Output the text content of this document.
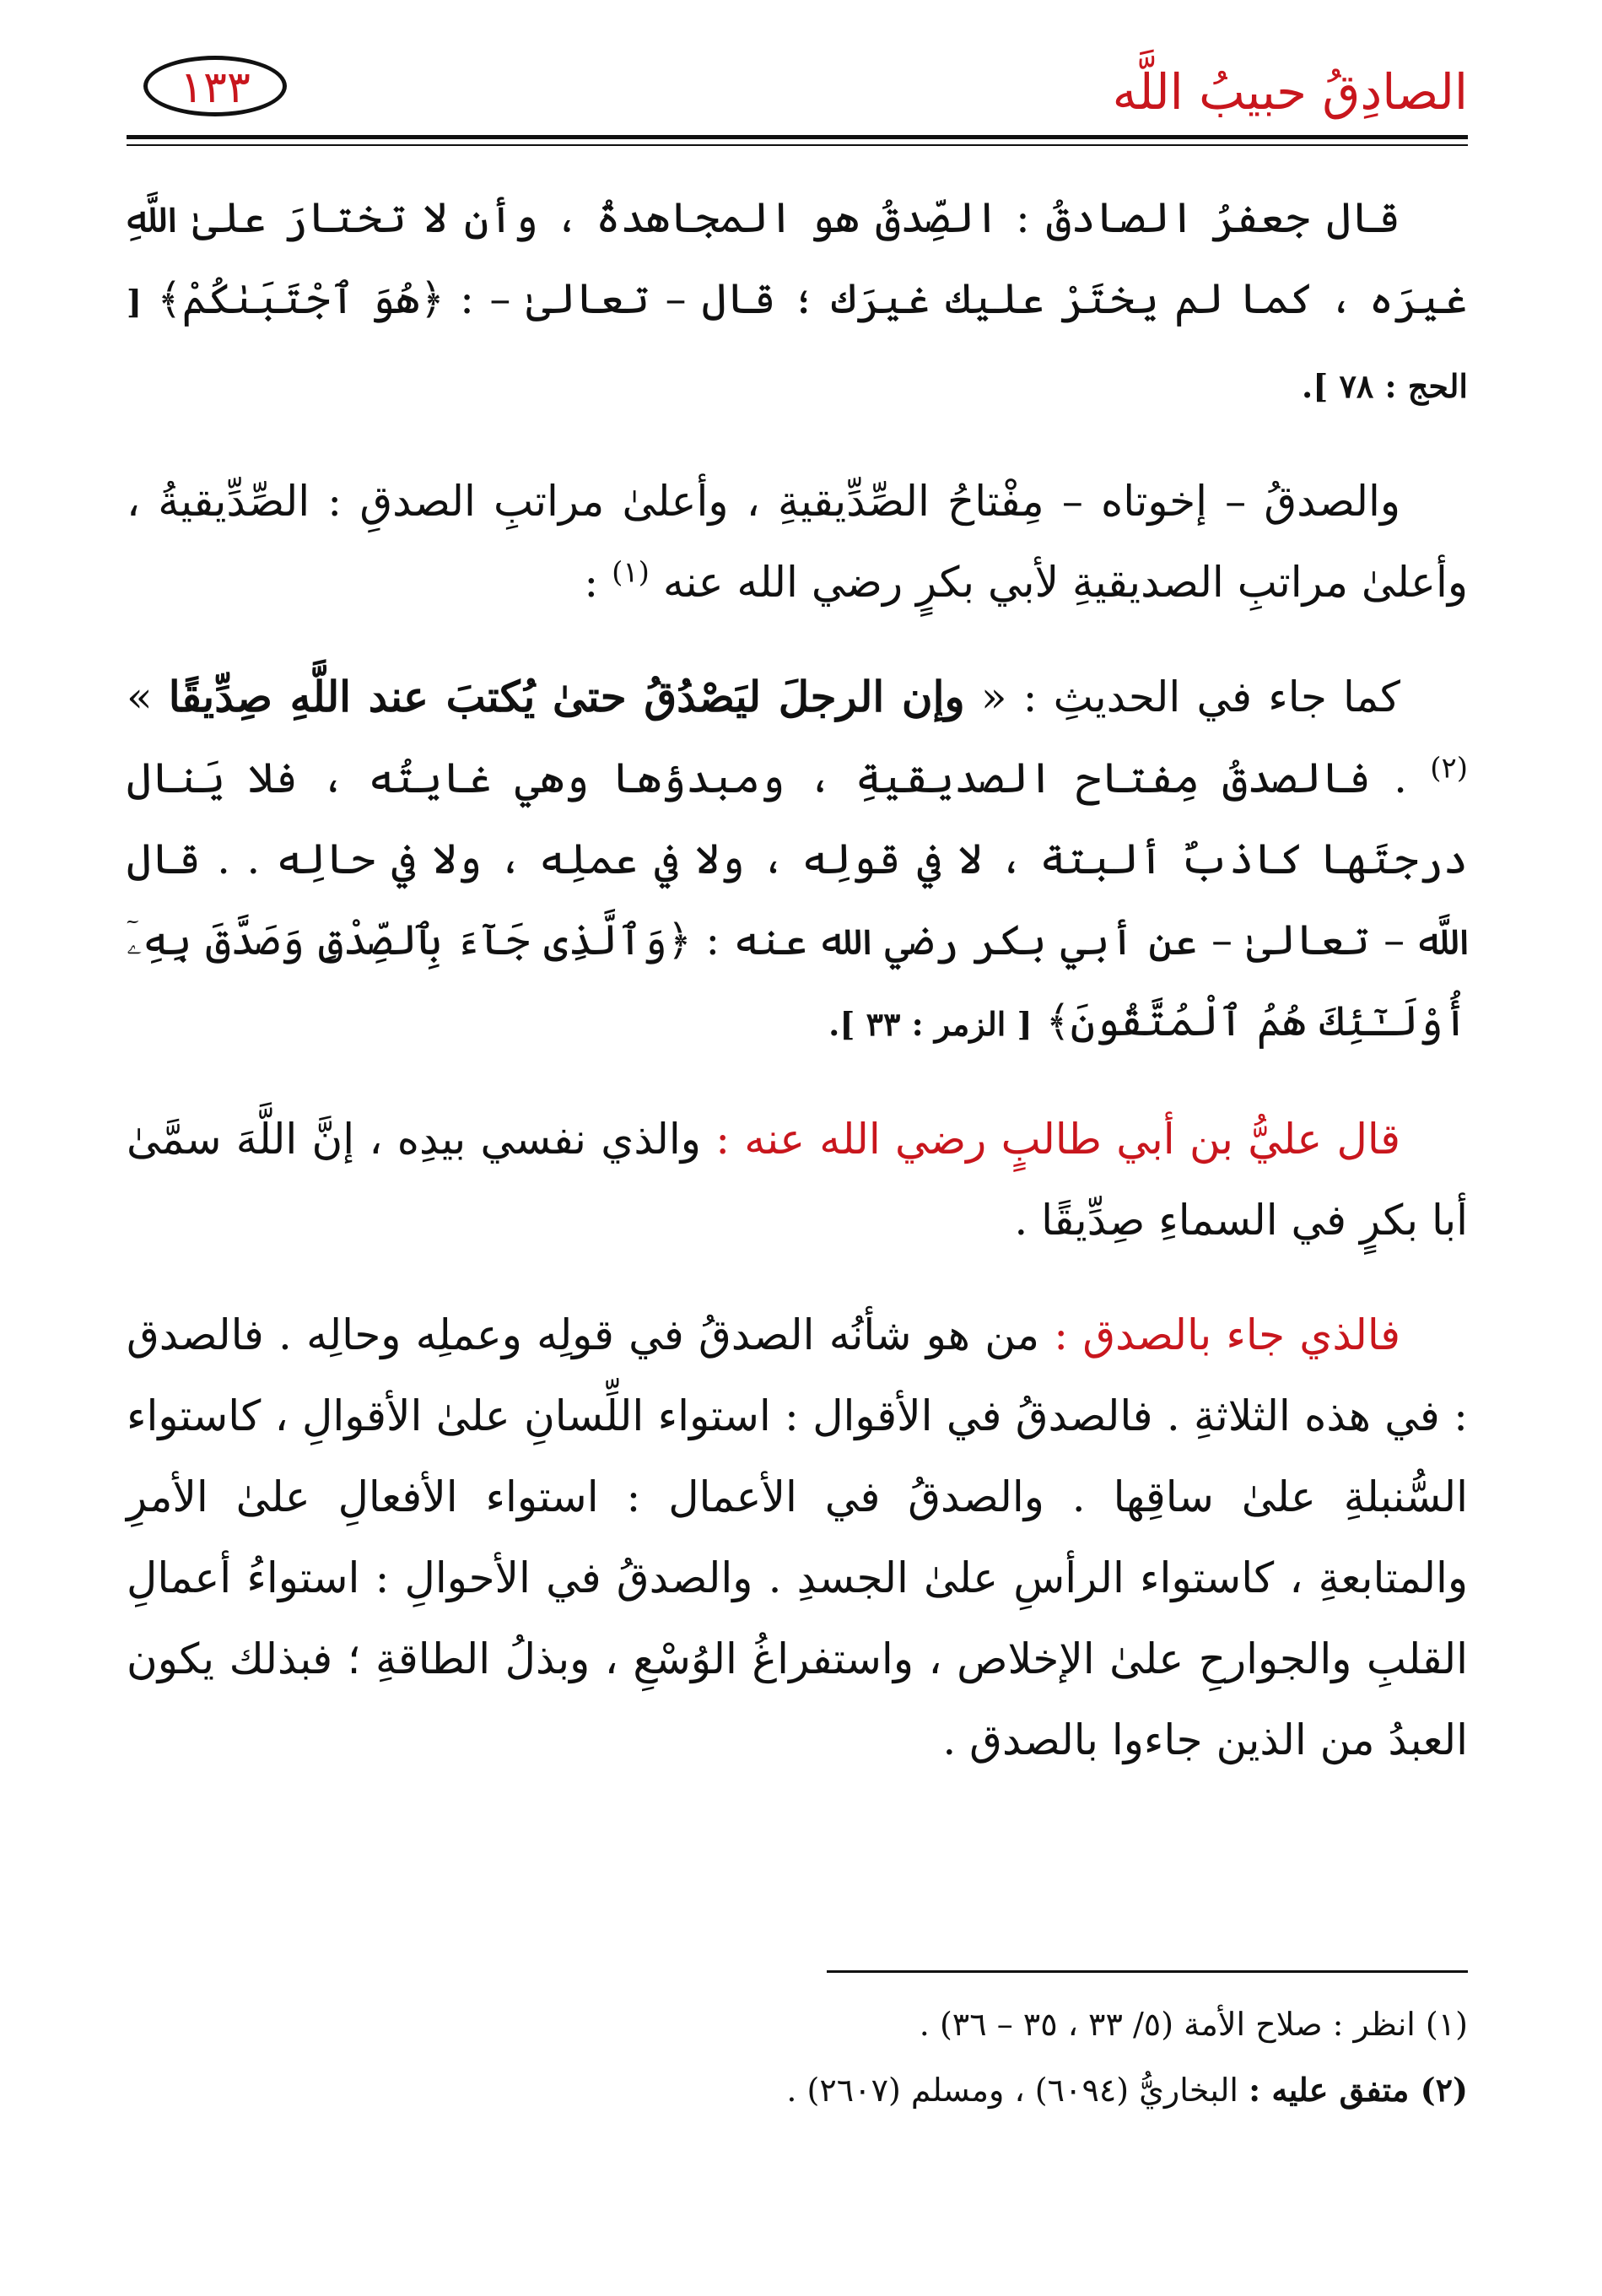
الصادِقُ حبيبُ اللَّه
١٣٣

قال جعفرُ الصادقُ : الصِّدقُ هو المجاهدةُ ، وأن لا تختارَ علىٰ اللَّهِ غيرَه ، كما لم يختَرْ عليك غيرَك ؛ قال – تعالىٰ – : ﴿هُوَ ٱجْتَبَىٰكُمْ﴾ [ الحج : ٧٨ ].

والصدقُ – إخوتاه – مِفْتاحُ الصِّدِّيقيةِ ، وأعلىٰ مراتبِ الصدقِ : الصِّدِّيقيةُ ، وأعلىٰ مراتبِ الصديقيةِ لأبي بكرٍ رضي الله عنه $^{(١)}$ :

كما جاء في الحديثِ : « وإن الرجلَ ليَصْدُقُ حتىٰ يُكتبَ عند اللَّهِ صِدِّيقًا » $^{(٢)}$ . فالصدقُ مِفتاح الصديقيةِ ، ومبدؤها وهي غايتُه ، فلا يَنال درجتَها كاذبٌ ألبتة ، لا في قولِه ، ولا في عملِه ، ولا في حالِه . . قال اللَّه – تعالىٰ – عن أبي بكر رضي الله عنه : ﴿وَٱلَّذِى جَآءَ بِٱلصِّدْقِ وَصَدَّقَ بِهِۦٓ أُوْلَـٰٓئِكَ هُمُ ٱلْمُتَّقُونَ﴾ [ الزمر : ٣٣ ].

قال عليُّ بن أبي طالبٍ رضي الله عنه : والذي نفسي بيدِه ، إنَّ اللَّهَ سمَّىٰ أبا بكرٍ في السماءِ صِدِّيقًا .

فالذي جاء بالصدق : من هو شأنُه الصدقُ في قولِه وعملِه وحالِه . فالصدق : في هذه الثلاثةِ . فالصدقُ في الأقوال : استواء اللِّسانِ علىٰ الأقوالِ ، كاستواء السُّنبلةِ علىٰ ساقِها . والصدقُ في الأعمال : استواء الأفعالِ علىٰ الأمرِ والمتابعةِ ، كاستواء الرأسِ علىٰ الجسدِ . والصدقُ في الأحوالِ : استواءُ أعمالِ القلبِ والجوارحِ علىٰ الإخلاص ، واستفراغُ الوُسْعِ ، وبذلُ الطاقةِ ؛ فبذلك يكون العبدُ من الذين جاءوا بالصدق .

(١) انظر : صلاح الأمة (٥/ ٣٣ ، ٣٥ – ٣٦) .
(٢) متفق عليه : البخاريُّ (٦٠٩٤) ، ومسلم (٢٦٠٧) .
